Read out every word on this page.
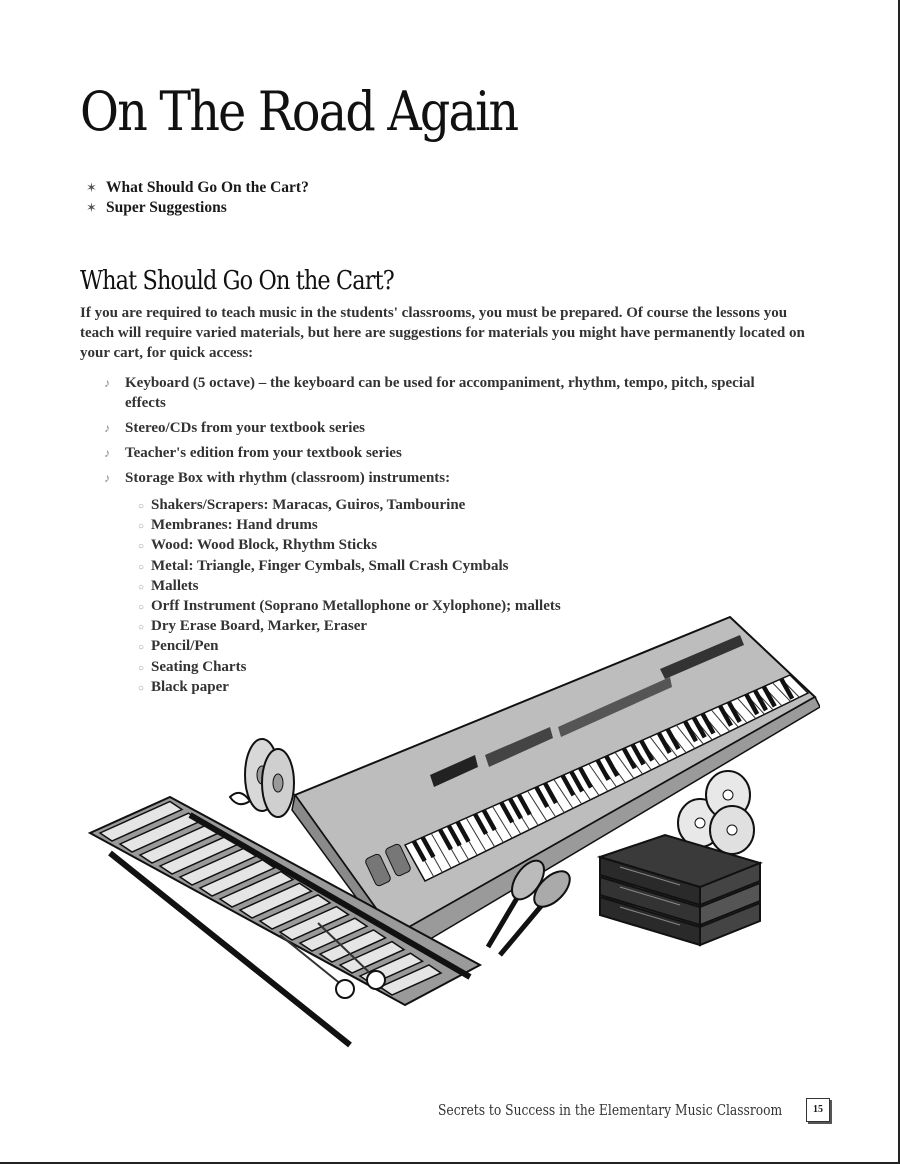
On The Road Again
✶ What Should Go On the Cart?
✶ Super Suggestions
What Should Go On the Cart?

If you are required to teach music in the students' classrooms, you must be prepared. Of course the lessons you teach will require varied materials, but here are suggestions for materials you might have permanently located on your cart, for quick access:

♪ Keyboard (5 octave) – the keyboard can be used for accompaniment, rhythm, tempo, pitch, special effects
♪ Stereo/CDs from your textbook series
♪ Teacher's edition from your textbook series
♪ Storage Box with rhythm (classroom) instruments:
○ Shakers/Scrapers: Maracas, Guiros, Tambourine
○ Membranes: Hand drums
○ Wood: Wood Block, Rhythm Sticks
○ Metal: Triangle, Finger Cymbals, Small Crash Cymbals
○ Mallets
○ Orff Instrument (Soprano Metallophone or Xylophone); mallets
○ Dry Erase Board, Marker, Eraser
○ Pencil/Pen
○ Seating Charts
○ Black paper
Secrets to Success in the Elementary Music Classroom	15
